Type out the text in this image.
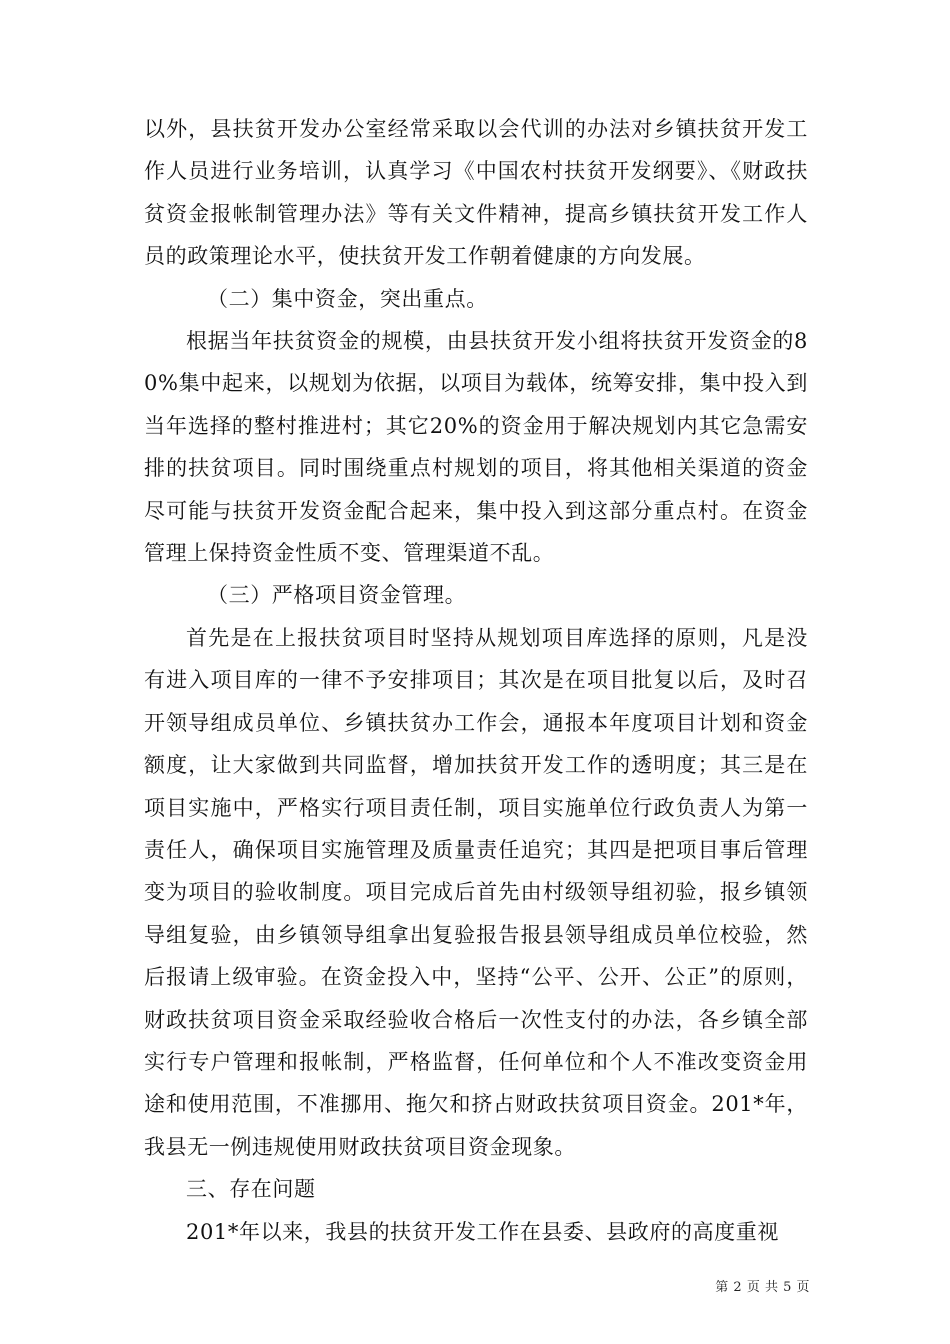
以外，县扶贫开发办公室经常采取以会代训的办法对乡镇扶贫开发工作人员进行业务培训，认真学习《中国农村扶贫开发纲要》、《财政扶贫资金报帐制管理办法》等有关文件精神，提高乡镇扶贫开发工作人员的政策理论水平，使扶贫开发工作朝着健康的方向发展。

（二）集中资金，突出重点。

根据当年扶贫资金的规模，由县扶贫开发小组将扶贫开发资金的80%集中起来，以规划为依据，以项目为载体，统筹安排，集中投入到当年选择的整村推进村；其它20%的资金用于解决规划内其它急需安排的扶贫项目。同时围绕重点村规划的项目，将其他相关渠道的资金尽可能与扶贫开发资金配合起来，集中投入到这部分重点村。在资金管理上保持资金性质不变、管理渠道不乱。

（三）严格项目资金管理。

首先是在上报扶贫项目时坚持从规划项目库选择的原则，凡是没有进入项目库的一律不予安排项目；其次是在项目批复以后，及时召开领导组成员单位、乡镇扶贫办工作会，通报本年度项目计划和资金额度，让大家做到共同监督，增加扶贫开发工作的透明度；其三是在项目实施中，严格实行项目责任制，项目实施单位行政负责人为第一责任人，确保项目实施管理及质量责任追究；其四是把项目事后管理变为项目的验收制度。项目完成后首先由村级领导组初验，报乡镇领导组复验，由乡镇领导组拿出复验报告报县领导组成员单位校验，然后报请上级审验。在资金投入中，坚持“公平、公开、公正”的原则，财政扶贫项目资金采取经验收合格后一次性支付的办法，各乡镇全部实行专户管理和报帐制，严格监督，任何单位和个人不准改变资金用途和使用范围，不准挪用、拖欠和挤占财政扶贫项目资金。201*年，我县无一例违规使用财政扶贫项目资金现象。

三、存在问题

201*年以来，我县的扶贫开发工作在县委、县政府的高度重视

第 2 页 共 5 页
